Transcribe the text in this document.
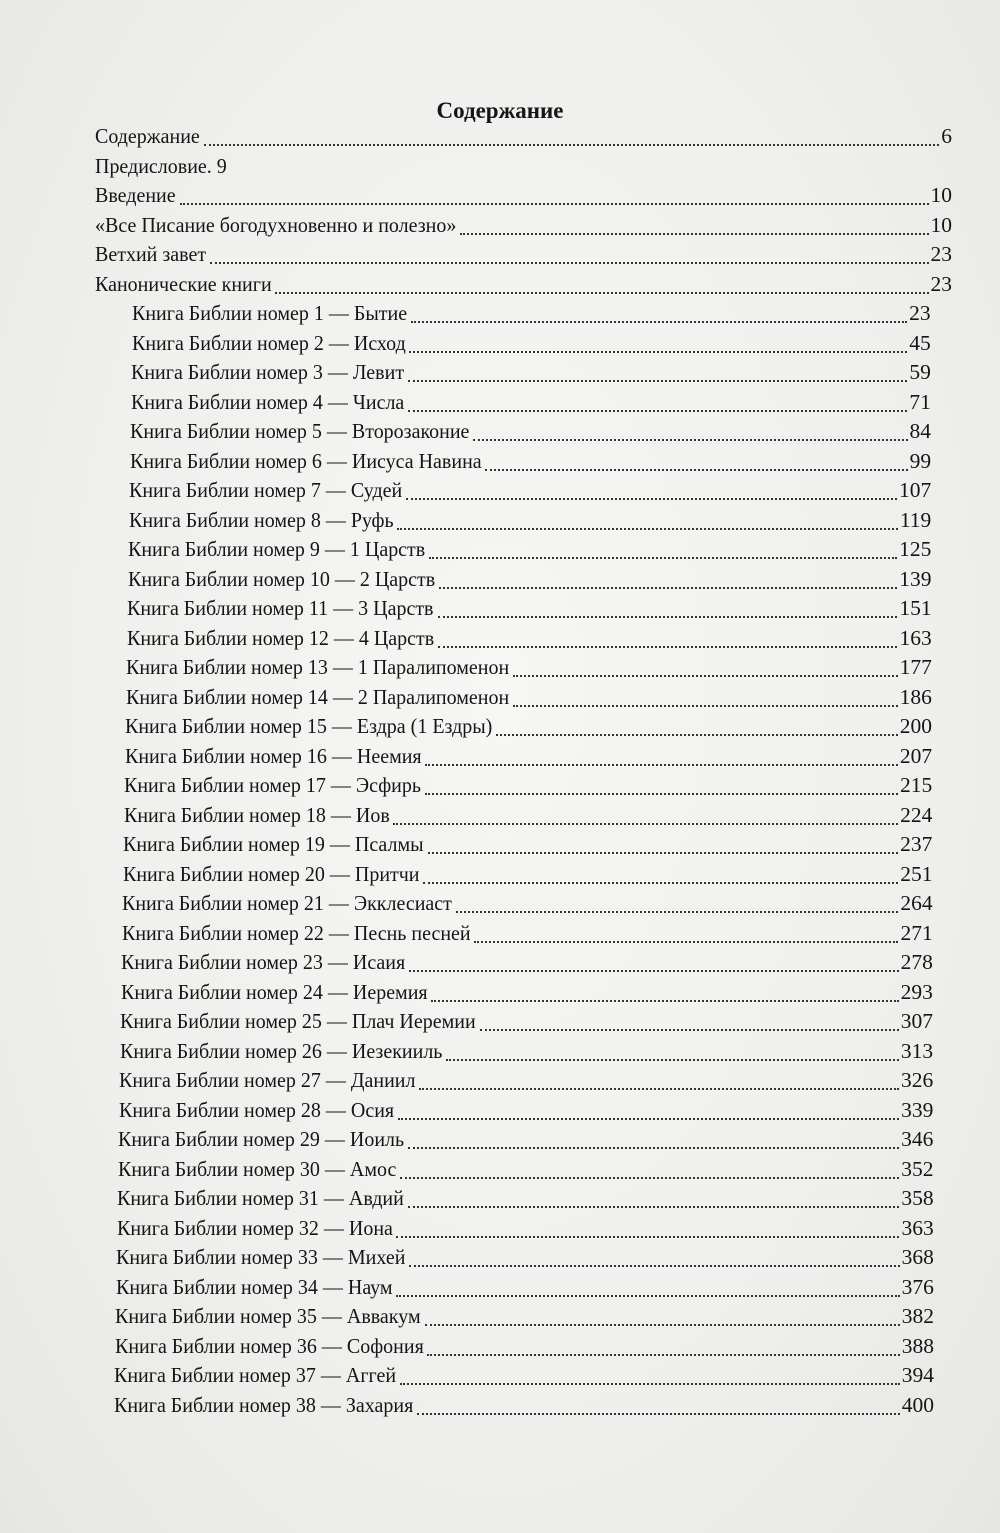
Содержание
Содержание	6
Предисловие. 9
Введение	10
«Все Писание богодухновенно и полезно»	10
Ветхий завет	23
Канонические книги	23
Книга Библии номер 1 — Бытие	23
Книга Библии номер 2 — Исход	45
Книга Библии номер 3 — Левит	59
Книга Библии номер 4 — Числа	71
Книга Библии номер 5 — Второзаконие	84
Книга Библии номер 6 — Иисуса Навина	99
Книга Библии номер 7 — Судей	107
Книга Библии номер 8 — Руфь	119
Книга Библии номер 9 — 1 Царств	125
Книга Библии номер 10 — 2 Царств	139
Книга Библии номер 11 — 3 Царств	151
Книга Библии номер 12 — 4 Царств	163
Книга Библии номер 13 — 1 Паралипоменон	177
Книга Библии номер 14 — 2 Паралипоменон	186
Книга Библии номер 15 — Ездра (1 Ездры)	200
Книга Библии номер 16 — Неемия	207
Книга Библии номер 17 — Эсфирь	215
Книга Библии номер 18 — Иов	224
Книга Библии номер 19 — Псалмы	237
Книга Библии номер 20 — Притчи	251
Книга Библии номер 21 — Экклесиаст	264
Книга Библии номер 22 — Песнь песней	271
Книга Библии номер 23 — Исаия	278
Книга Библии номер 24 — Иеремия	293
Книга Библии номер 25 — Плач Иеремии	307
Книга Библии номер 26 — Иезекииль	313
Книга Библии номер 27 — Даниил	326
Книга Библии номер 28 — Осия	339
Книга Библии номер 29 — Иоиль	346
Книга Библии номер 30 — Амос	352
Книга Библии номер 31 — Авдий	358
Книга Библии номер 32 — Иона	363
Книга Библии номер 33 — Михей	368
Книга Библии номер 34 — Наум	376
Книга Библии номер 35 — Аввакум	382
Книга Библии номер 36 — Софония	388
Книга Библии номер 37 — Аггей	394
Книга Библии номер 38 — Захария	400
